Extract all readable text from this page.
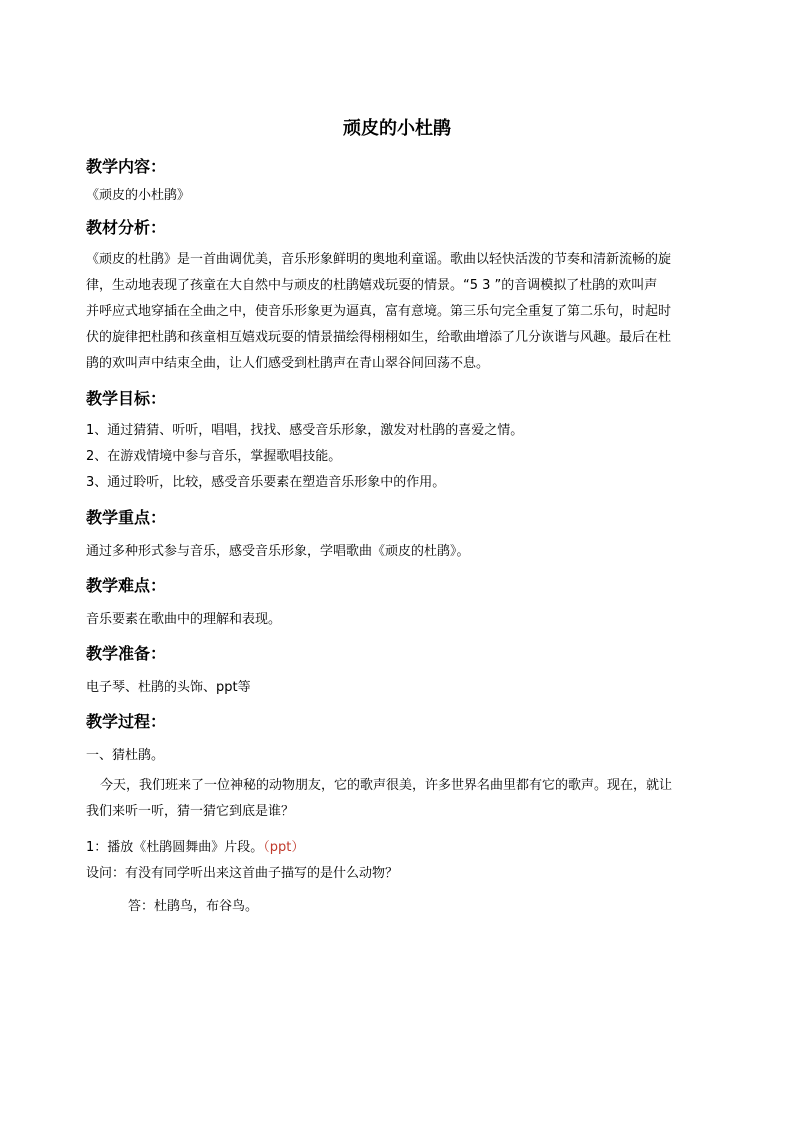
顽皮的小杜鹃
教学内容：
《顽皮的小杜鹃》
教材分析：
《顽皮的杜鹃》是一首曲调优美，音乐形象鲜明的奥地利童谣。歌曲以轻快活泼的节奏和清新流畅的旋
律，生动地表现了孩童在大自然中与顽皮的杜鹃嬉戏玩耍的情景。“5 3 ”的音调模拟了杜鹃的欢叫声
并呼应式地穿插在全曲之中，使音乐形象更为逼真，富有意境。第三乐句完全重复了第二乐句，时起时
伏的旋律把杜鹃和孩童相互嬉戏玩耍的情景描绘得栩栩如生，给歌曲增添了几分诙谐与风趣。最后在杜
鹃的欢叫声中结束全曲，让人们感受到杜鹃声在青山翠谷间回荡不息。
教学目标：
1、通过猜猜、听听，唱唱，找找、感受音乐形象，激发对杜鹃的喜爱之情。
2、在游戏情境中参与音乐，掌握歌唱技能。
3、通过聆听，比较，感受音乐要素在塑造音乐形象中的作用。
教学重点：
通过多种形式参与音乐，感受音乐形象，学唱歌曲《顽皮的杜鹃》。
教学难点：
音乐要素在歌曲中的理解和表现。
教学准备：
电子琴、杜鹃的头饰、ppt等
教学过程：
一、猜杜鹃。
今天，我们班来了一位神秘的动物朋友，它的歌声很美，许多世界名曲里都有它的歌声。现在，就让
我们来听一听，猜一猜它到底是谁？
1：播放《杜鹃圆舞曲》片段。（ppt）
设问：有没有同学听出来这首曲子描写的是什么动物？
答：杜鹃鸟，布谷鸟。
